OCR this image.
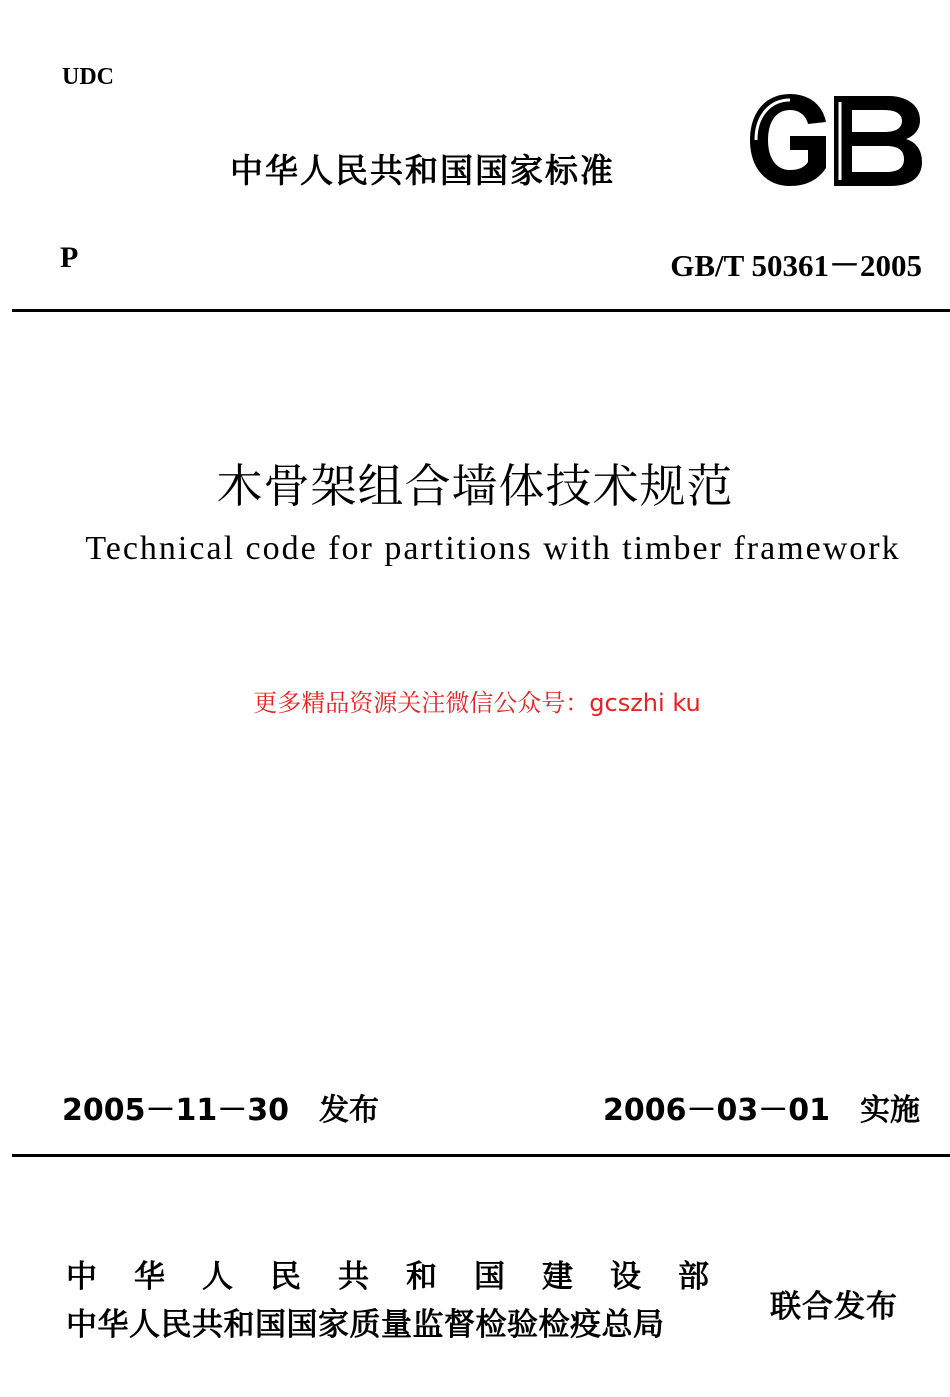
UDC
中华人民共和国国家标准
P	GB/T 50361－2005
木骨架组合墙体技术规范
Technical code for partitions with timber framework
更多精品资源关注微信公众号：gcszhi ku
2005－11－30　发布	2006－03－01　实施
中华人民共和国建设部
中华人民共和国国家质量监督检验检疫总局	联合发布
